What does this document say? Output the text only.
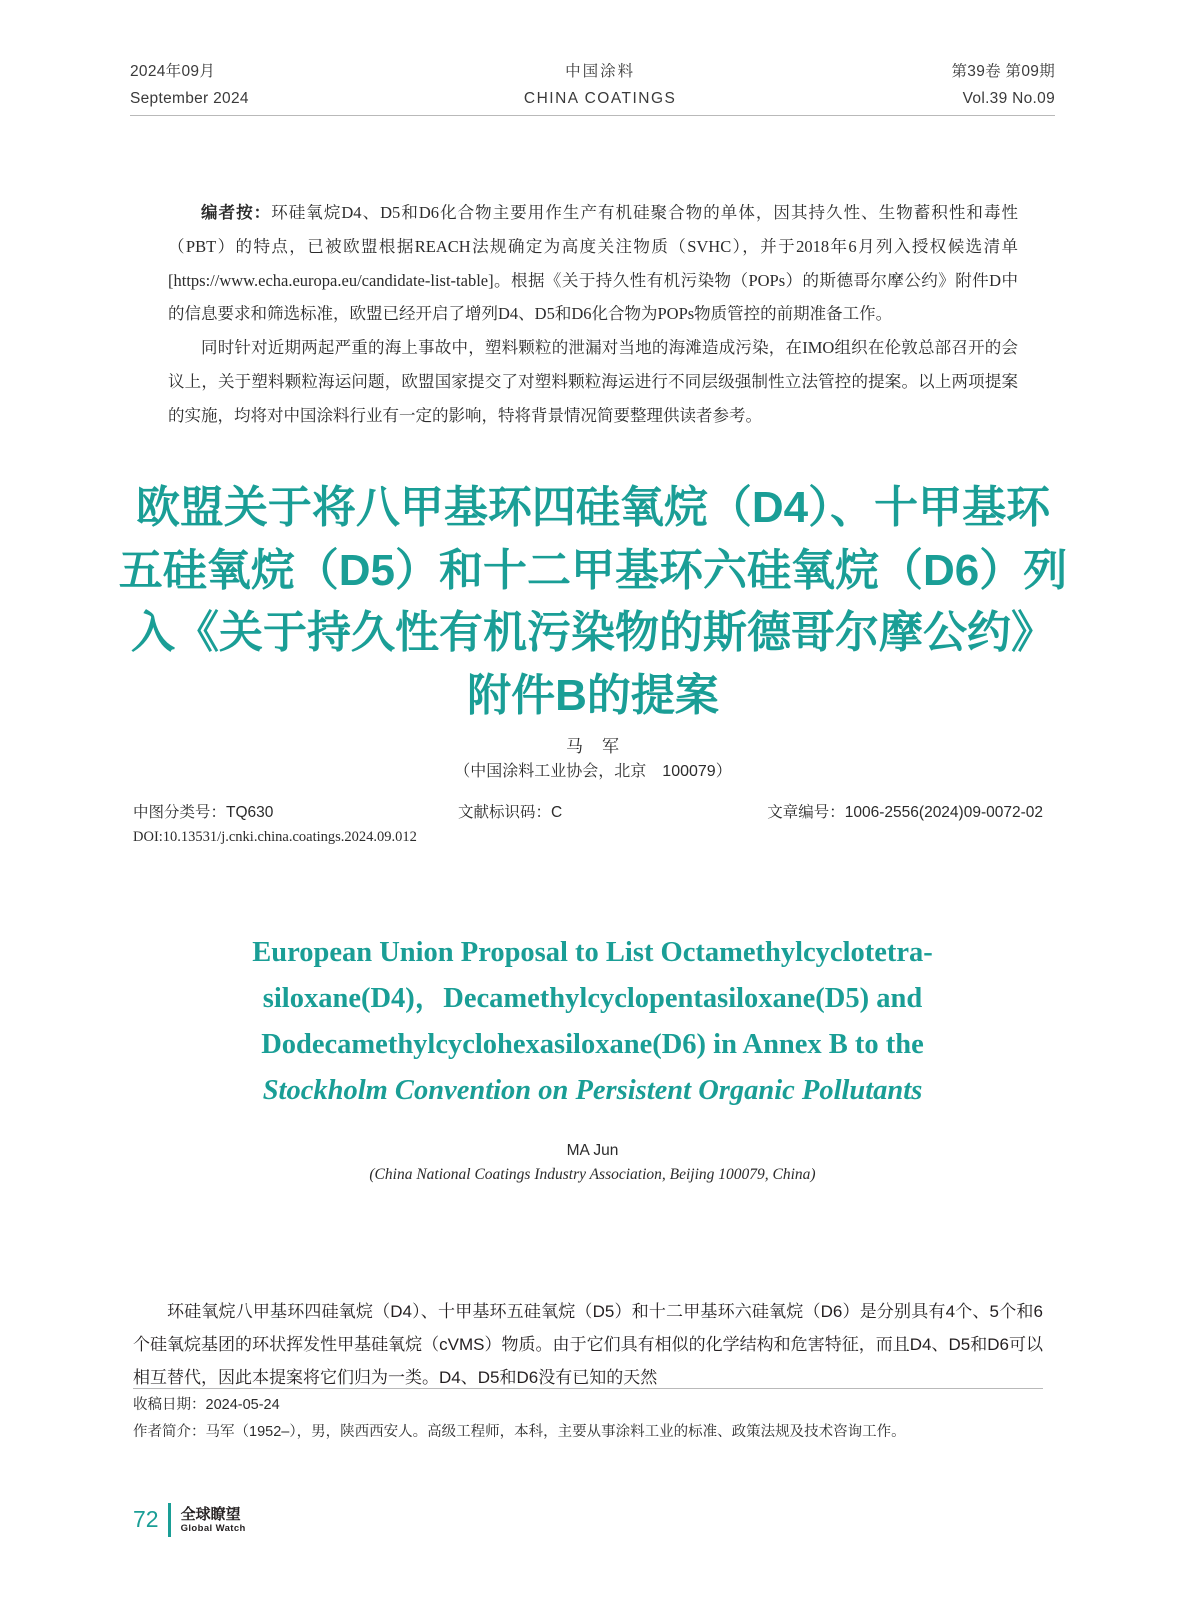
2024年09月
September 2024
中国涂料
CHINA COATINGS
第39卷 第09期
Vol.39 No.09

编者按：环硅氧烷D4、D5和D6化合物主要用作生产有机硅聚合物的单体，因其持久性、生物蓄积性和毒性（PBT）的特点，已被欧盟根据REACH法规确定为高度关注物质（SVHC），并于2018年6月列入授权候选清单[https://www.echa.europa.eu/candidate-list-table]。根据《关于持久性有机污染物（POPs）的斯德哥尔摩公约》附件D中的信息要求和筛选标准，欧盟已经开启了增列D4、D5和D6化合物为POPs物质管控的前期准备工作。

同时针对近期两起严重的海上事故中，塑料颗粒的泄漏对当地的海滩造成污染，在IMO组织在伦敦总部召开的会议上，关于塑料颗粒海运问题，欧盟国家提交了对塑料颗粒海运进行不同层级强制性立法管控的提案。以上两项提案的实施，均将对中国涂料行业有一定的影响，特将背景情况简要整理供读者参考。

欧盟关于将八甲基环四硅氧烷（D4）、十甲基环五硅氧烷（D5）和十二甲基环六硅氧烷（D6）列入《关于持久性有机污染物的斯德哥尔摩公约》附件B的提案
马　军
（中国涂料工业协会，北京　100079）
中图分类号：TQ630	文献标识码：C	文章编号：1006-2556(2024)09-0072-02
DOI:10.13531/j.cnki.china.coatings.2024.09.012
European Union Proposal to List Octamethylcyclotetra-
siloxane(D4)，Decamethylcyclopentasiloxane(D5) and
Dodecamethylcyclohexasiloxane(D6) in Annex B to the
Stockholm Convention on Persistent Organic Pollutants
MA Jun
(China National Coatings Industry Association, Beijing 100079, China)

环硅氧烷八甲基环四硅氧烷（D4）、十甲基环五硅氧烷（D5）和十二甲基环六硅氧烷（D6）是分别具有4个、5个和6个硅氧烷基团的环状挥发性甲基硅氧烷（cVMS）物质。由于它们具有相似的化学结构和危害特征，而且D4、D5和D6可以相互替代，因此本提案将它们归为一类。D4、D5和D6没有已知的天然

收稿日期：2024-05-24
作者简介：马军（1952–），男，陕西西安人。高级工程师，本科，主要从事涂料工业的标准、政策法规及技术咨询工作。
72 全球瞭望
Global Watch
